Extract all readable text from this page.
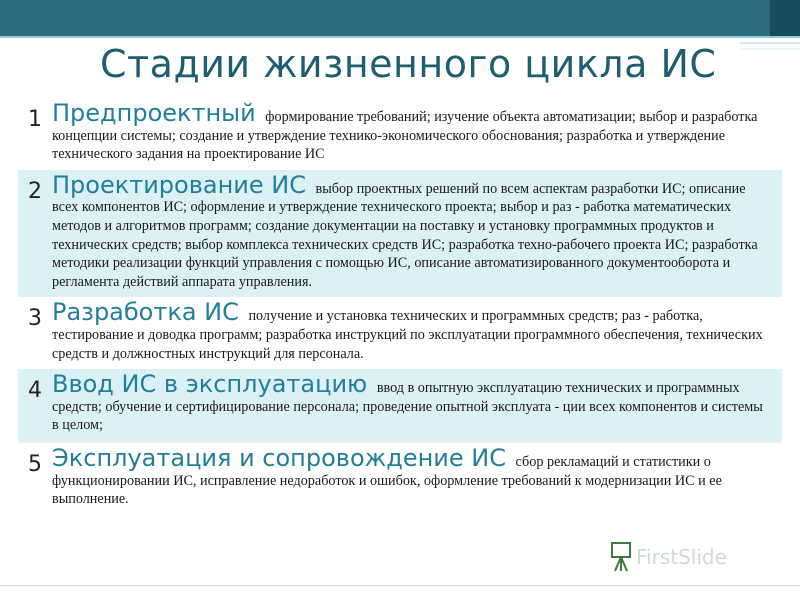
Стадии жизненного цикла ИС
1 Предпроектный формирование требований; изучение объекта автоматизации; выбор и разработка концепции системы; создание и утверждение технико-экономического обоснования; разработка и утверждение технического задания на проектирование ИС
2 Проектирование ИС выбор проектных решений по всем аспектам разработки ИС; описание всех компонентов ИС; оформление и утверждение технического проекта; выбор и раз - работка математических методов и алгоритмов программ; создание документации на поставку и установку программных продуктов и технических средств; выбор комплекса технических средств ИС; разработка техно-рабочего проекта ИС; разработка методики реализации функций управления с помощью ИС, описание автоматизированного документооборота и регламента действий аппарата управления.
3 Разработка ИС получение и установка технических и программных средств; раз - работка, тестирование и доводка программ; разработка инструкций по эксплуатации программного обеспечения, технических средств и должностных инструкций для персонала.
4 Ввод ИС в эксплуатацию ввод в опытную эксплуатацию технических и программных средств; обучение и сертифицирование персонала; проведение опытной эксплуата - ции всех компонентов и системы в целом;
5 Эксплуатация и сопровождение ИС сбор рекламаций и статистики о функционировании ИС, исправление недоработок и ошибок, оформление требований к модернизации ИС и ее выполнение.
FirstSlide
